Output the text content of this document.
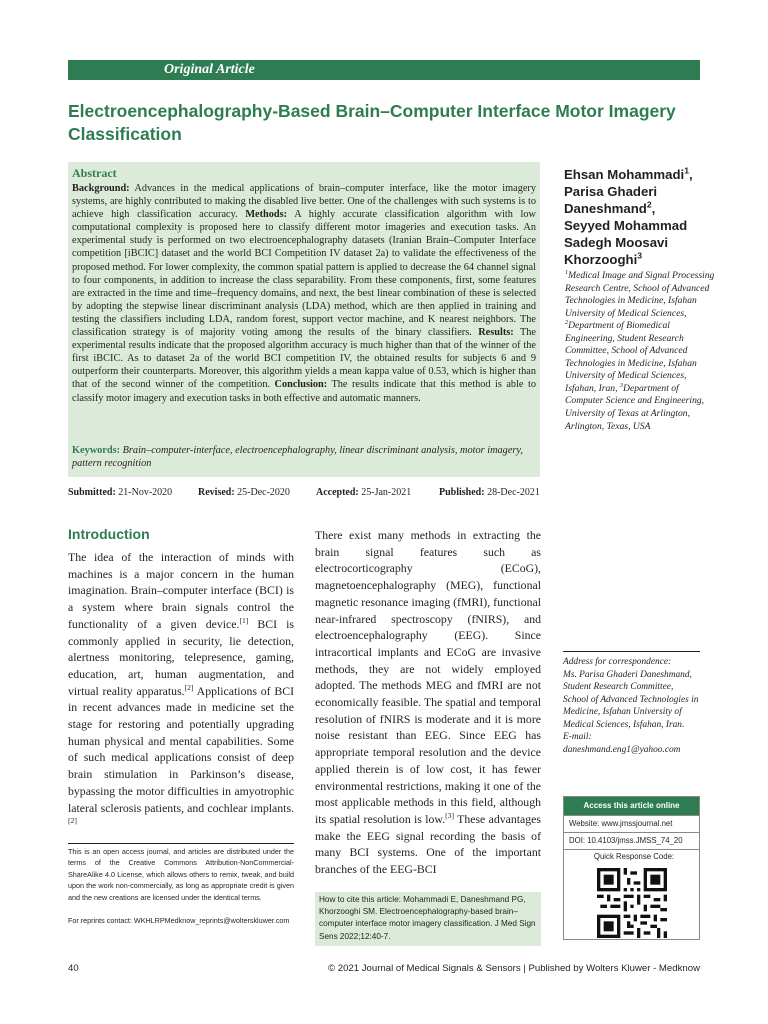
Original Article
Electroencephalography-Based Brain–Computer Interface Motor Imagery Classification
Abstract

Background: Advances in the medical applications of brain–computer interface, like the motor imagery systems, are highly contributed to making the disabled live better. One of the challenges with such systems is to achieve high classification accuracy. Methods: A highly accurate classification algorithm with low computational complexity is proposed here to classify different motor imageries and execution tasks. An experimental study is performed on two electroencephalography datasets (Iranian Brain–Computer Interface competition [iBCIC] dataset and the world BCI Competition IV dataset 2a) to validate the effectiveness of the proposed method. For lower complexity, the common spatial pattern is applied to decrease the 64 channel signal to four components, in addition to increase the class separability. From these components, first, some features are extracted in the time and time–frequency domains, and next, the best linear combination of these is selected by adopting the stepwise linear discriminant analysis (LDA) method, which are then applied in training and testing the classifiers including LDA, random forest, support vector machine, and K nearest neighbors. The classification strategy is of majority voting among the results of the binary classifiers. Results: The experimental results indicate that the proposed algorithm accuracy is much higher than that of the winner of the first iBCIC. As to dataset 2a of the world BCI competition IV, the obtained results for subjects 6 and 9 outperform their counterparts. Moreover, this algorithm yields a mean kappa value of 0.53, which is higher than that of the second winner of the competition. Conclusion: The results indicate that this method is able to classify motor imagery and execution tasks in both effective and automatic manners.

Keywords: Brain–computer-interface, electroencephalography, linear discriminant analysis, motor imagery, pattern recognition
Submitted: 21-Nov-2020	Revised: 25-Dec-2020	Accepted: 25-Jan-2021	Published: 28-Dec-2021
Ehsan Mohammadi$^1$,
Parisa Ghaderi Daneshmand$^2$,
Seyyed Mohammad Sadegh Moosavi Khorzooghi$^3$
$^1$Medical Image and Signal Processing Research Centre, School of Advanced Technologies in Medicine, Isfahan University of Medical Sciences, $^2$Department of Biomedical Engineering, Student Research Committee, School of Advanced Technologies in Medicine, Isfahan University of Medical Sciences, Isfahan, Iran, $^3$Department of Computer Science and Engineering, University of Texas at Arlington, Arlington, Texas, USA
Introduction
The idea of the interaction of minds with machines is a major concern in the human imagination. Brain–computer interface (BCI) is a system where brain signals control the functionality of a given device.[1] BCI is commonly applied in security, lie detection, alertness monitoring, telepresence, gaming, education, art, human augmentation, and virtual reality apparatus.[2] Applications of BCI in recent advances made in medicine set the stage for restoring and potentially upgrading human physical and mental capabilities. Some of such medical applications consist of deep brain stimulation in Parkinson’s disease, bypassing the motor difficulties in amyotrophic lateral sclerosis patients, and cochlear implants.[2]
There exist many methods in extracting the brain signal features such as electrocorticography (ECoG), magnetoencephalography (MEG), functional magnetic resonance imaging (fMRI), functional near-infrared spectroscopy (fNIRS), and electroencephalography (EEG). Since intracortical implants and ECoG are invasive methods, they are not widely employed adopted. The methods MEG and fMRI are not economically feasible. The spatial and temporal resolution of fNIRS is moderate and it is more noise resistant than EEG. Since EEG has appropriate temporal resolution and the device applied therein is of low cost, it has fewer environmental restrictions, making it one of the most applicable methods in this field, although its spatial resolution is low.[3] These advantages make the EEG signal recording the basis of many BCI systems. One of the important branches of the EEG-BCI
This is an open access journal, and articles are distributed under the terms of the Creative Commons Attribution-NonCommercial-ShareAlike 4.0 License, which allows others to remix, tweak, and build upon the work non-commercially, as long as appropriate credit is given and the new creations are licensed under the identical terms.
For reprints contact: WKHLRPMedknow_reprints@wolterskluwer.com
How to cite this article: Mohammadi E, Daneshmand PG, Khorzooghi SM. Electroencephalography-based brain–computer interface motor imagery classification. J Med Sign Sens 2022;12:40-7.
Address for correspondence:
Ms. Parisa Ghaderi Daneshmand,
Student Research Committee, School of Advanced Technologies in Medicine, Isfahan University of Medical Sciences, Isfahan, Iran.
E-mail: daneshmand.eng1@yahoo.com
Access this article online
Website: www.jmssjournal.net
DOI: 10.4103/jmss.JMSS_74_20
Quick Response Code:
40	© 2021 Journal of Medical Signals & Sensors | Published by Wolters Kluwer - Medknow
